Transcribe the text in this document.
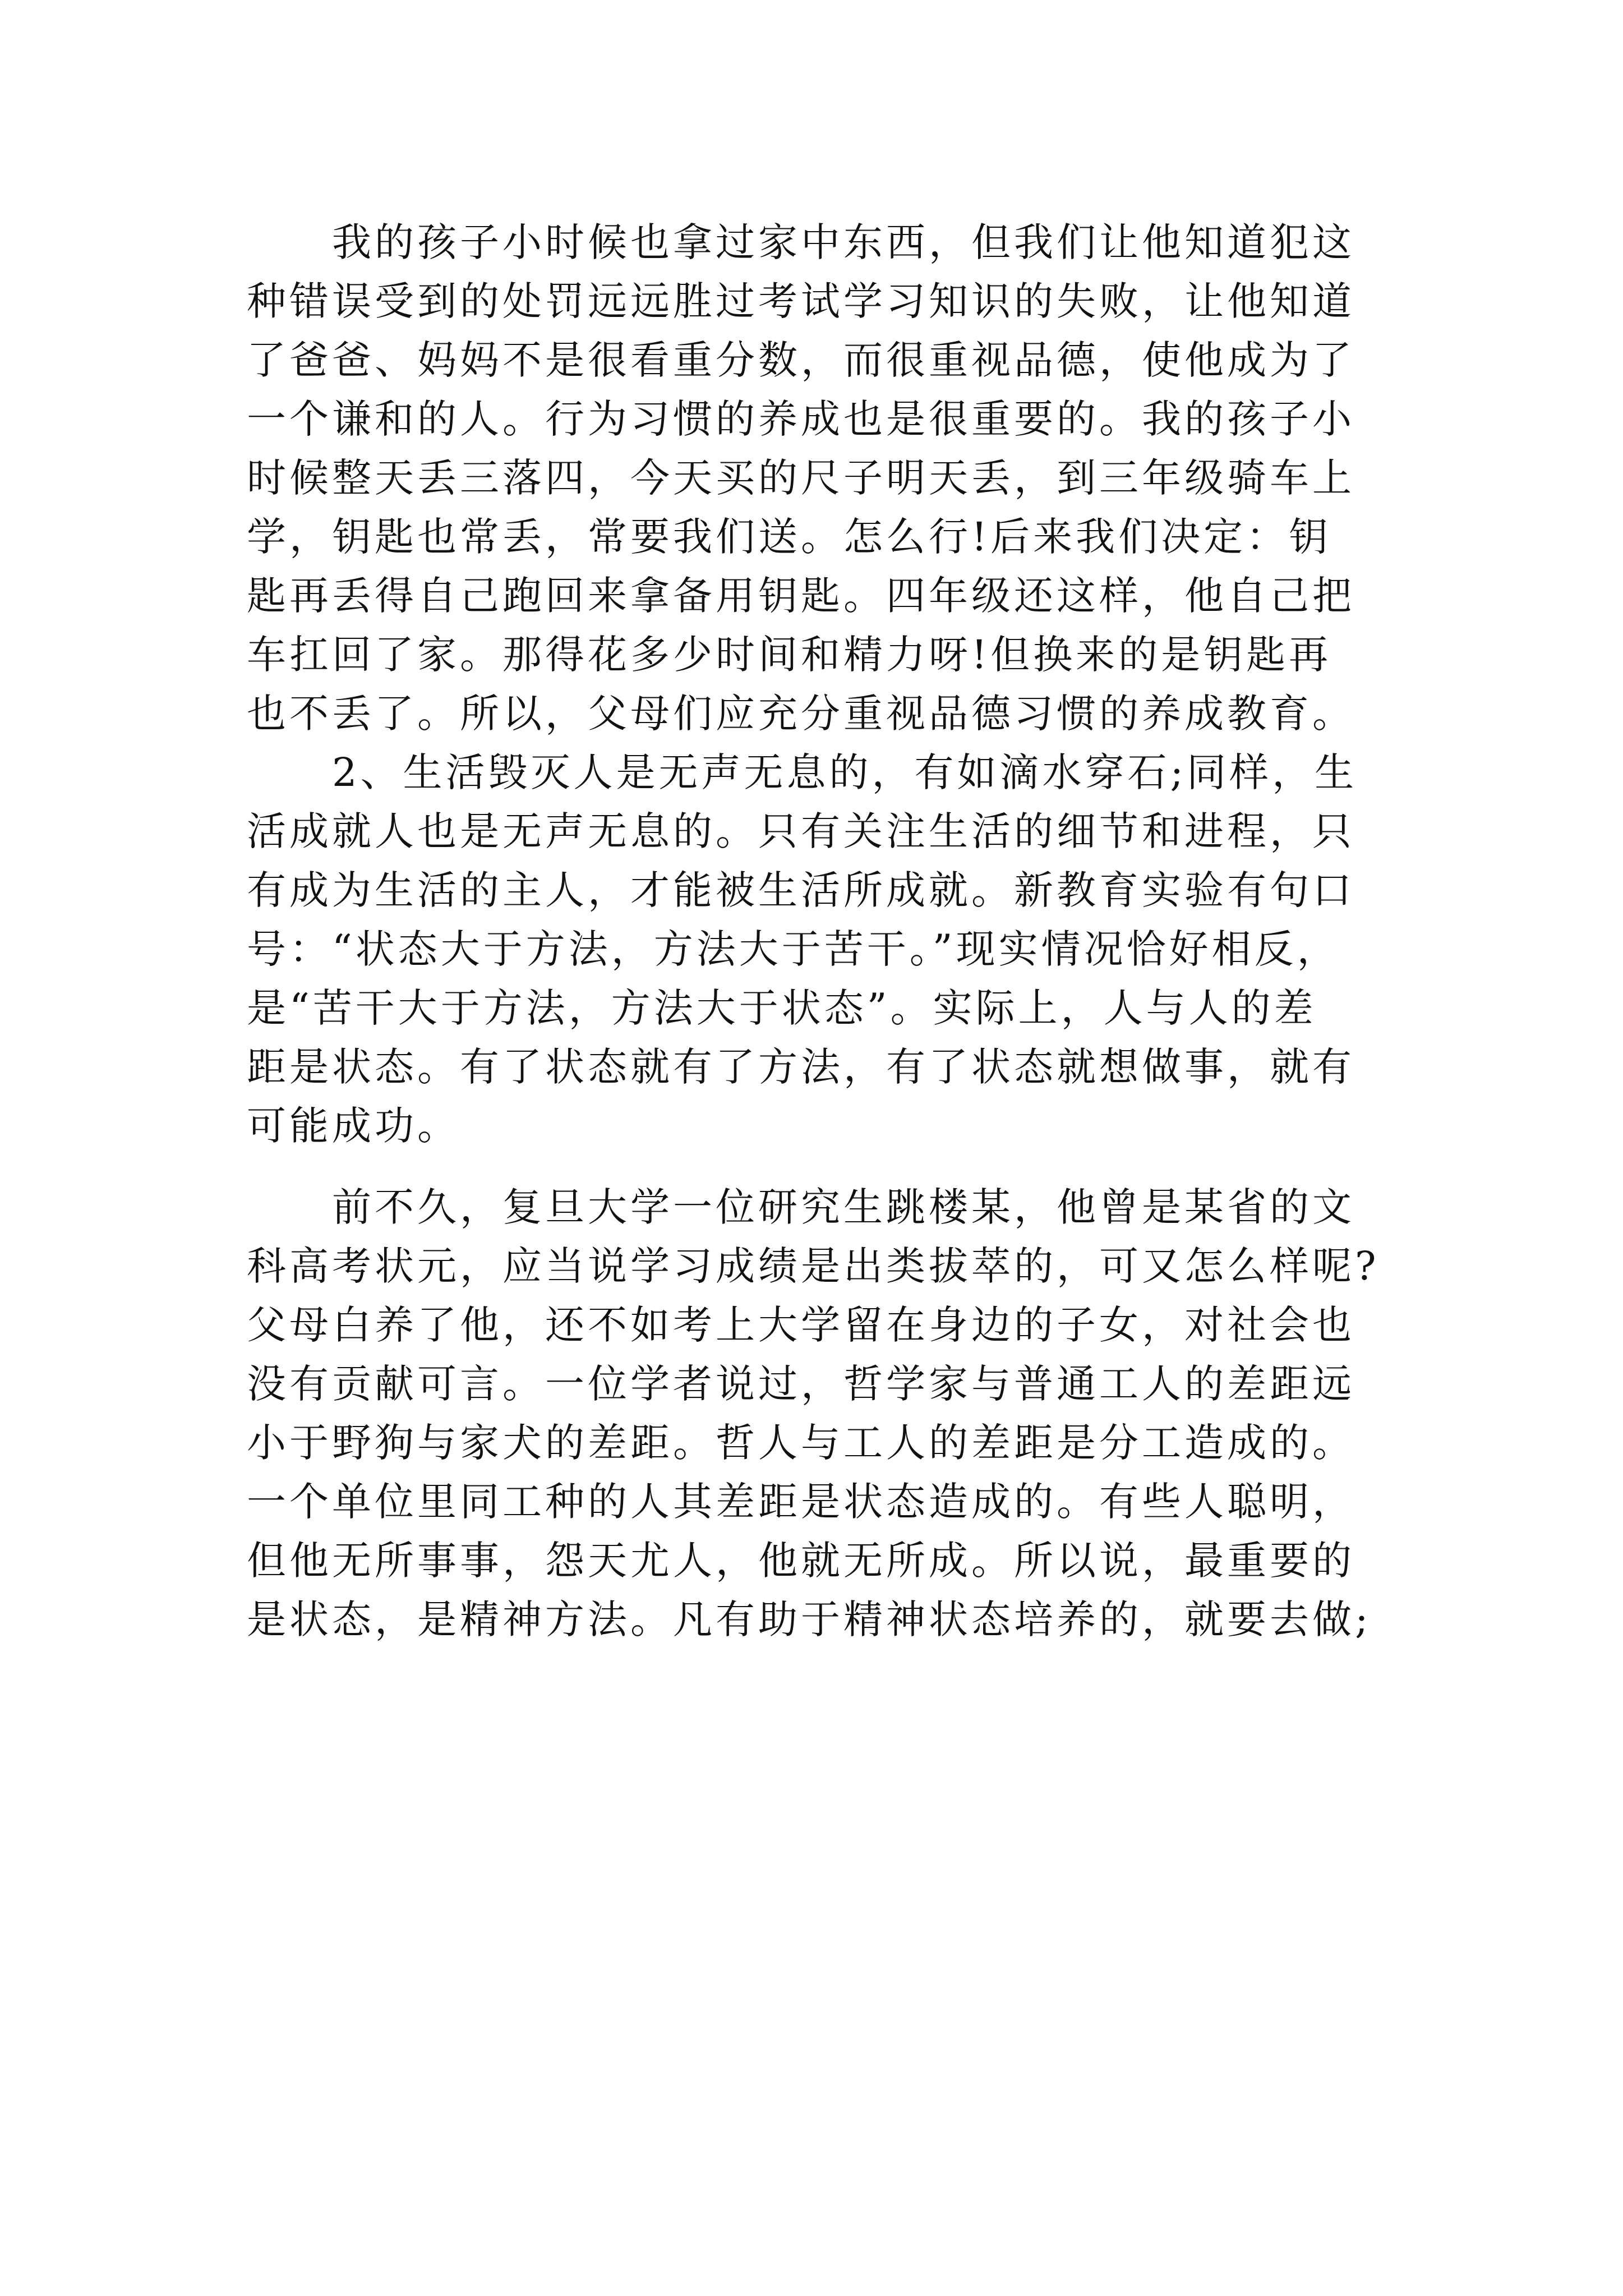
　　我的孩子小时候也拿过家中东西，但我们让他知道犯这
种错误受到的处罚远远胜过考试学习知识的失败，让他知道
了爸爸、妈妈不是很看重分数，而很重视品德，使他成为了
一个谦和的人。行为习惯的养成也是很重要的。我的孩子小
时候整天丢三落四，今天买的尺子明天丢，到三年级骑车上
学，钥匙也常丢，常要我们送。怎么行!后来我们决定：钥
匙再丢得自己跑回来拿备用钥匙。四年级还这样，他自己把
车扛回了家。那得花多少时间和精力呀!但换来的是钥匙再
也不丢了。所以，父母们应充分重视品德习惯的养成教育。
　　2、生活毁灭人是无声无息的，有如滴水穿石;同样，生
活成就人也是无声无息的。只有关注生活的细节和进程，只
有成为生活的主人，才能被生活所成就。新教育实验有句口
号：“状态大于方法，方法大于苦干。”现实情况恰好相反，
是“苦干大于方法，方法大于状态”。实际上，人与人的差
距是状态。有了状态就有了方法，有了状态就想做事，就有
可能成功。
　　前不久，复旦大学一位研究生跳楼某，他曾是某省的文
科高考状元，应当说学习成绩是出类拔萃的，可又怎么样呢?
父母白养了他，还不如考上大学留在身边的子女，对社会也
没有贡献可言。一位学者说过，哲学家与普通工人的差距远
小于野狗与家犬的差距。哲人与工人的差距是分工造成的。
一个单位里同工种的人其差距是状态造成的。有些人聪明，
但他无所事事，怨天尤人，他就无所成。所以说，最重要的
是状态，是精神方法。凡有助于精神状态培养的，就要去做;
